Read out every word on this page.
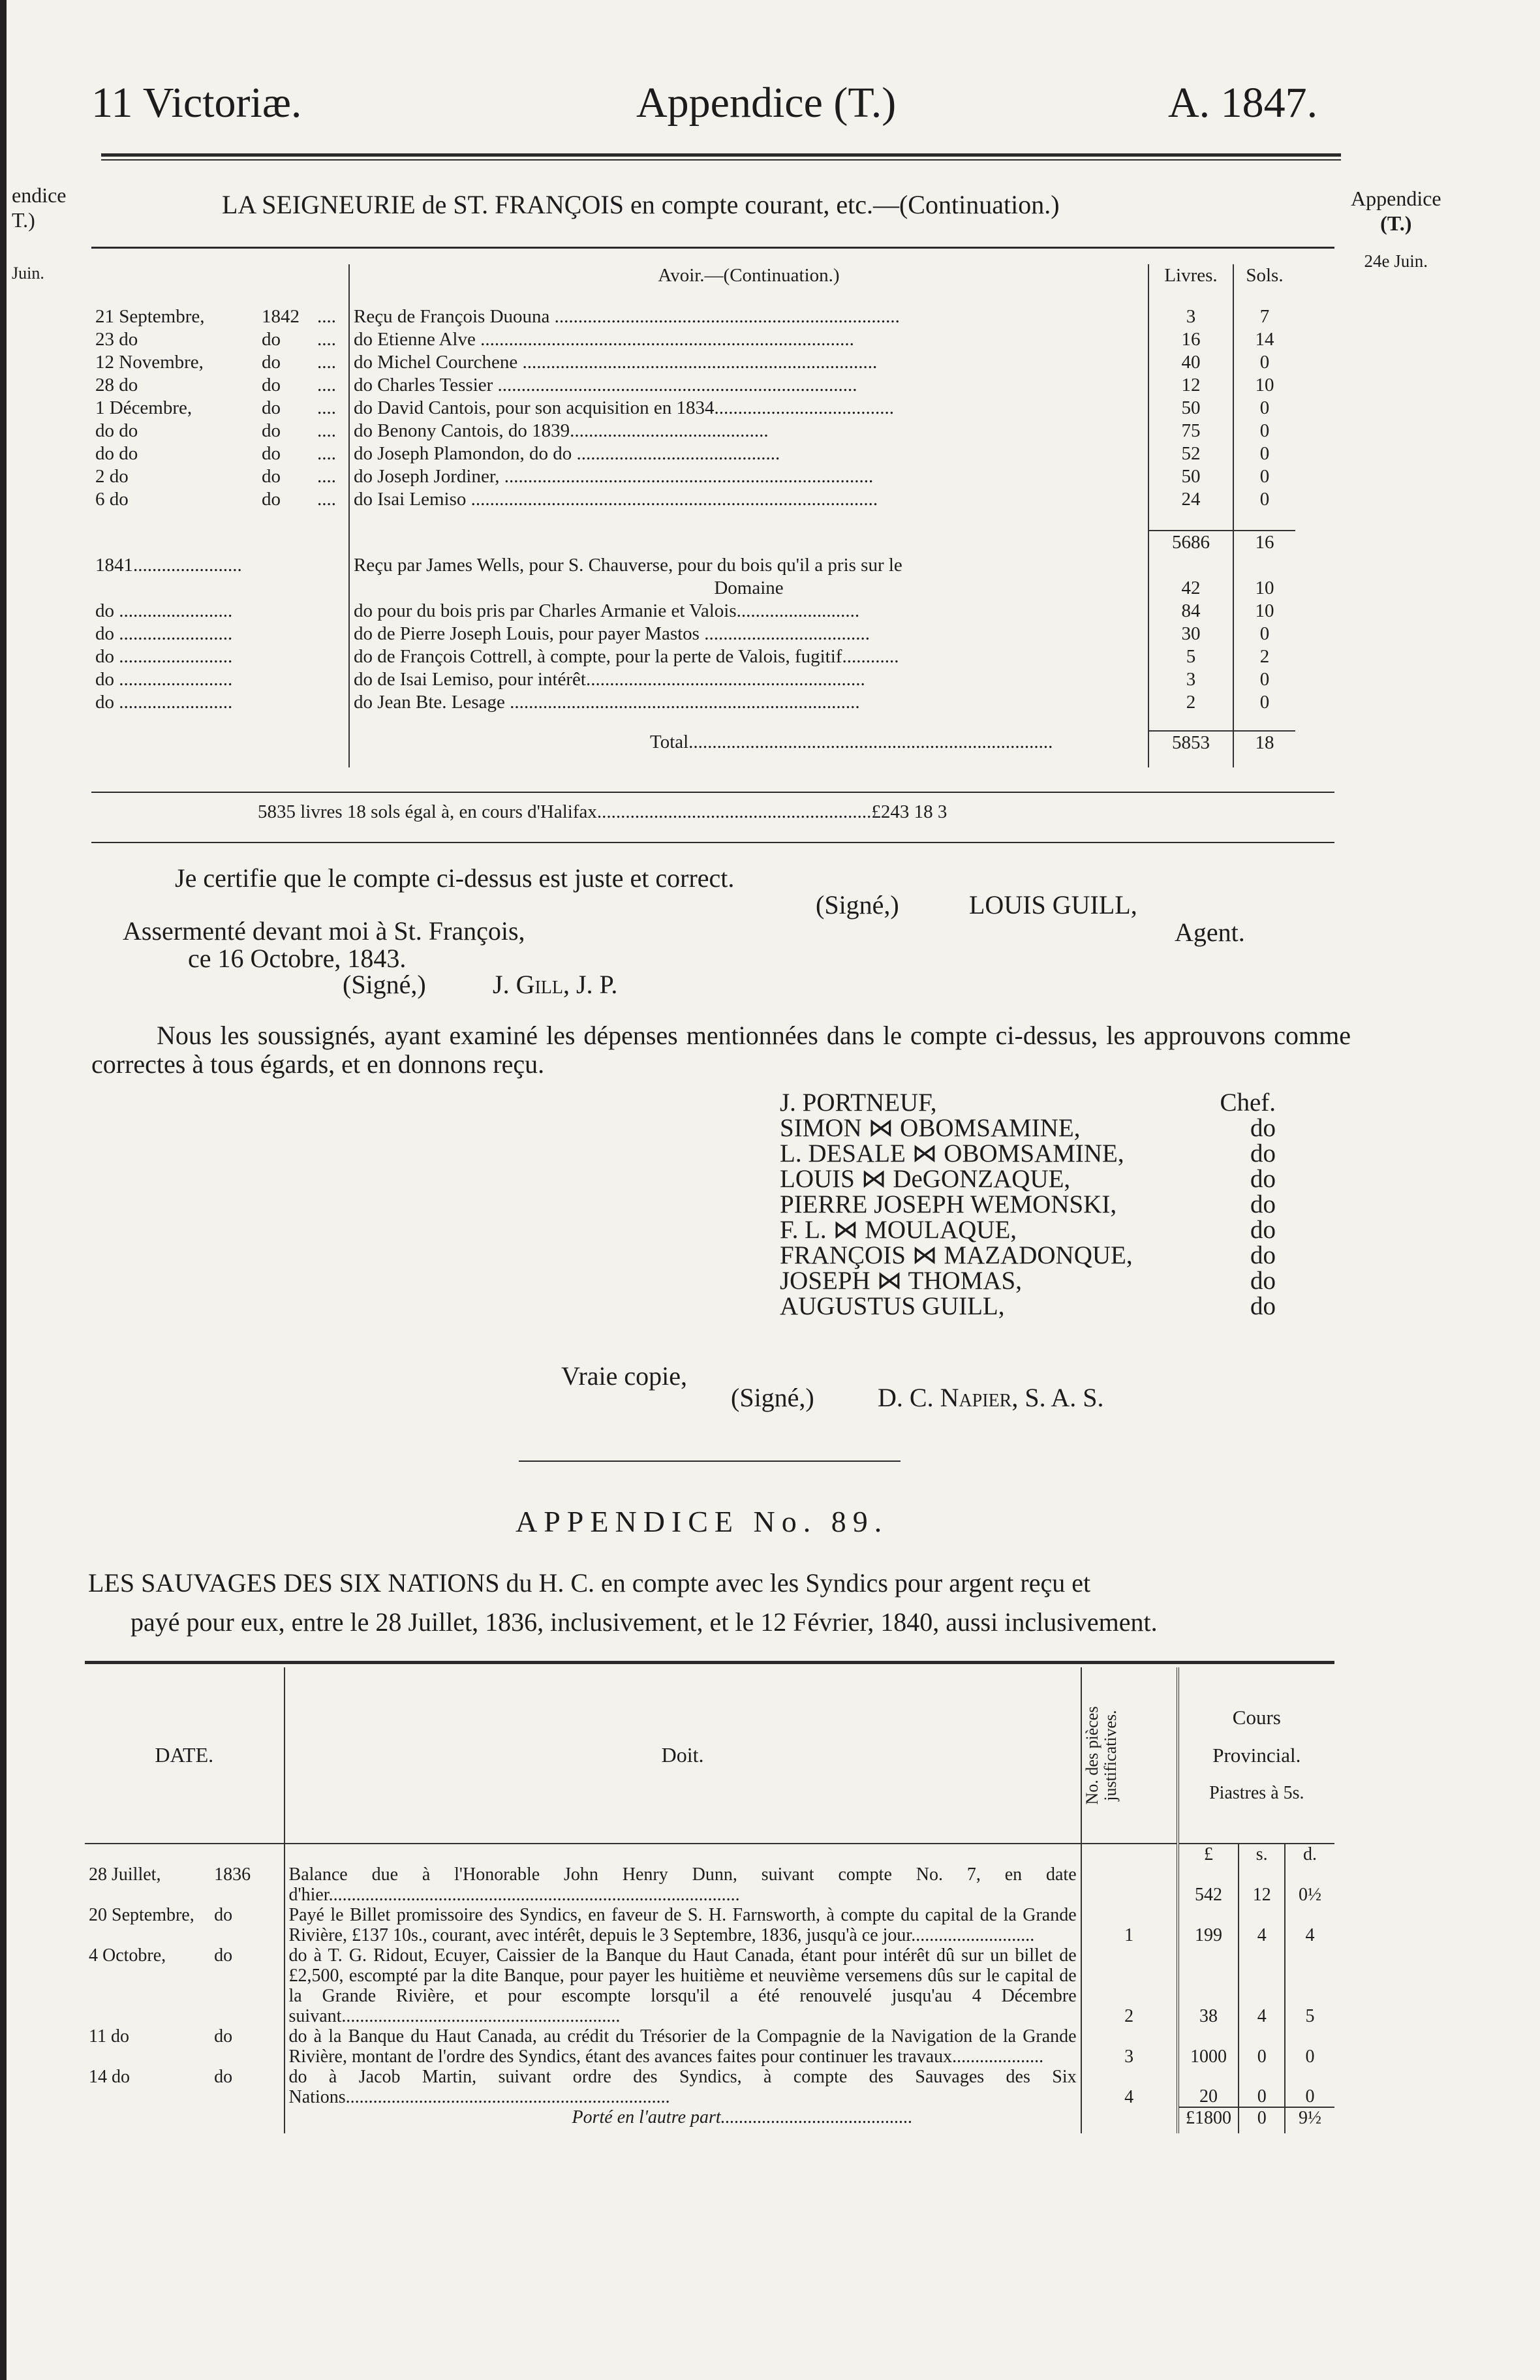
11 Victoriæ.	Appendice (T.)	A. 1847.
endice
T.)
Juin.
Appendice
(T.)
24e Juin.
LA SEIGNEURIE de ST. FRANÇOIS en compte courant, etc.—(Continuation.)
			Avoir.—(Continuation.)	Livres.	Sols.

21 Septembre,	1842	....	Reçu de François Duouna .........................................................................	3	7
23 do	do	....	do Etienne Alve ...............................................................................	16	14
12 Novembre,	do	....	do Michel Courchene ...........................................................................	40	0
28 do	do	....	do Charles Tessier ............................................................................	12	10
1 Décembre,	do	....	do David Cantois, pour son acquisition en 1834......................................	50	0
do do	do	....	do Benony Cantois, do 1839..........................................	75	0
do do	do	....	do Joseph Plamondon, do do ...........................................	52	0
2 do	do	....	do Joseph Jordiner, ..............................................................................	50	0
6 do	do	....	do Isai Lemiso ......................................................................................	24	0

				5686	16
1841.......................			Reçu par James Wells, pour S. Chauverse, pour du bois qu'il a pris sur le		
			Domaine	42	10
do ........................			do pour du bois pris par Charles Armanie et Valois..........................	84	10
do ........................			do de Pierre Joseph Louis, pour payer Mastos ...................................	30	0
do ........................			do de François Cottrell, à compte, pour la perte de Valois, fugitif............	5	2
do ........................			do de Isai Lemiso, pour intérêt...........................................................	3	0
do ........................			do Jean Bte. Lesage ..........................................................................	2	0

			Total.............................................................................	5853	18

5835 livres 18 sols égal à, en cours d'Halifax..........................................................£243 18 3
Je certifie que le compte ci-dessus est juste et correct.
(Signé,)	LOUIS GUILL,
Assermenté devant moi à St. François,	Agent.
ce 16 Octobre, 1843.
(Signé,)	J. Gill, J. P.
Nous les soussignés, ayant examiné les dépenses mentionnées dans le compte ci-dessus, les approuvons comme correctes à tous égards, et en donnons reçu.
J. PORTNEUF,	Chef.
SIMON ⋈ OBOMSAMINE,	do
L. DESALE ⋈ OBOMSAMINE,	do
LOUIS ⋈ DeGONZAQUE,	do
PIERRE JOSEPH WEMONSKI,	do
F. L. ⋈ MOULAQUE,	do
FRANÇOIS ⋈ MAZADONQUE,	do
JOSEPH ⋈ THOMAS,	do
AUGUSTUS GUILL,	do
Vraie copie,
(Signé,) D. C. Napier, S. A. S.
APPENDICE No. 89.
LES SAUVAGES DES SIX NATIONS du H. C. en compte avec les Syndics pour argent reçu et
payé pour eux, entre le 28 Juillet, 1836, inclusivement, et le 12 Février, 1840, aussi inclusivement.
DATE.		Doit.	No. des pièces justificatives.	Cours
Provincial.
Piastres à 5s.		

				£	s.	d.
28 Juillet,	1836	Balance due à l'Honorable John Henry Dunn, suivant compte No. 7, en date d'hier..........................................................................................		542	12	0½
20 Septembre,	do	Payé le Billet promissoire des Syndics, en faveur de S. H. Farnsworth, à compte du capital de la Grande Rivière, £137 10s., courant, avec intérêt, depuis le 3 Septembre, 1836, jusqu'à ce jour...........................	1	199	4	4
4 Octobre,	do	do à T. G. Ridout, Ecuyer, Caissier de la Banque du Haut Canada, étant pour intérêt dû sur un billet de £2,500, escompté par la dite Banque, pour payer les huitième et neuvième versemens dûs sur le capital de la Grande Rivière, et pour escompte lorsqu'il a été renouvelé jusqu'au 4 Décembre suivant.............................................................	2	38	4	5
11 do	do	do à la Banque du Haut Canada, au crédit du Trésorier de la Compagnie de la Navigation de la Grande Rivière, montant de l'ordre des Syndics, étant des avances faites pour continuer les travaux....................	3	1000	0	0
14 do	do	do à Jacob Martin, suivant ordre des Syndics, à compte des Sauvages des Six Nations.......................................................................	4	20	0	0
		Porté en l'autre part..........................................		£1800	0	9½
